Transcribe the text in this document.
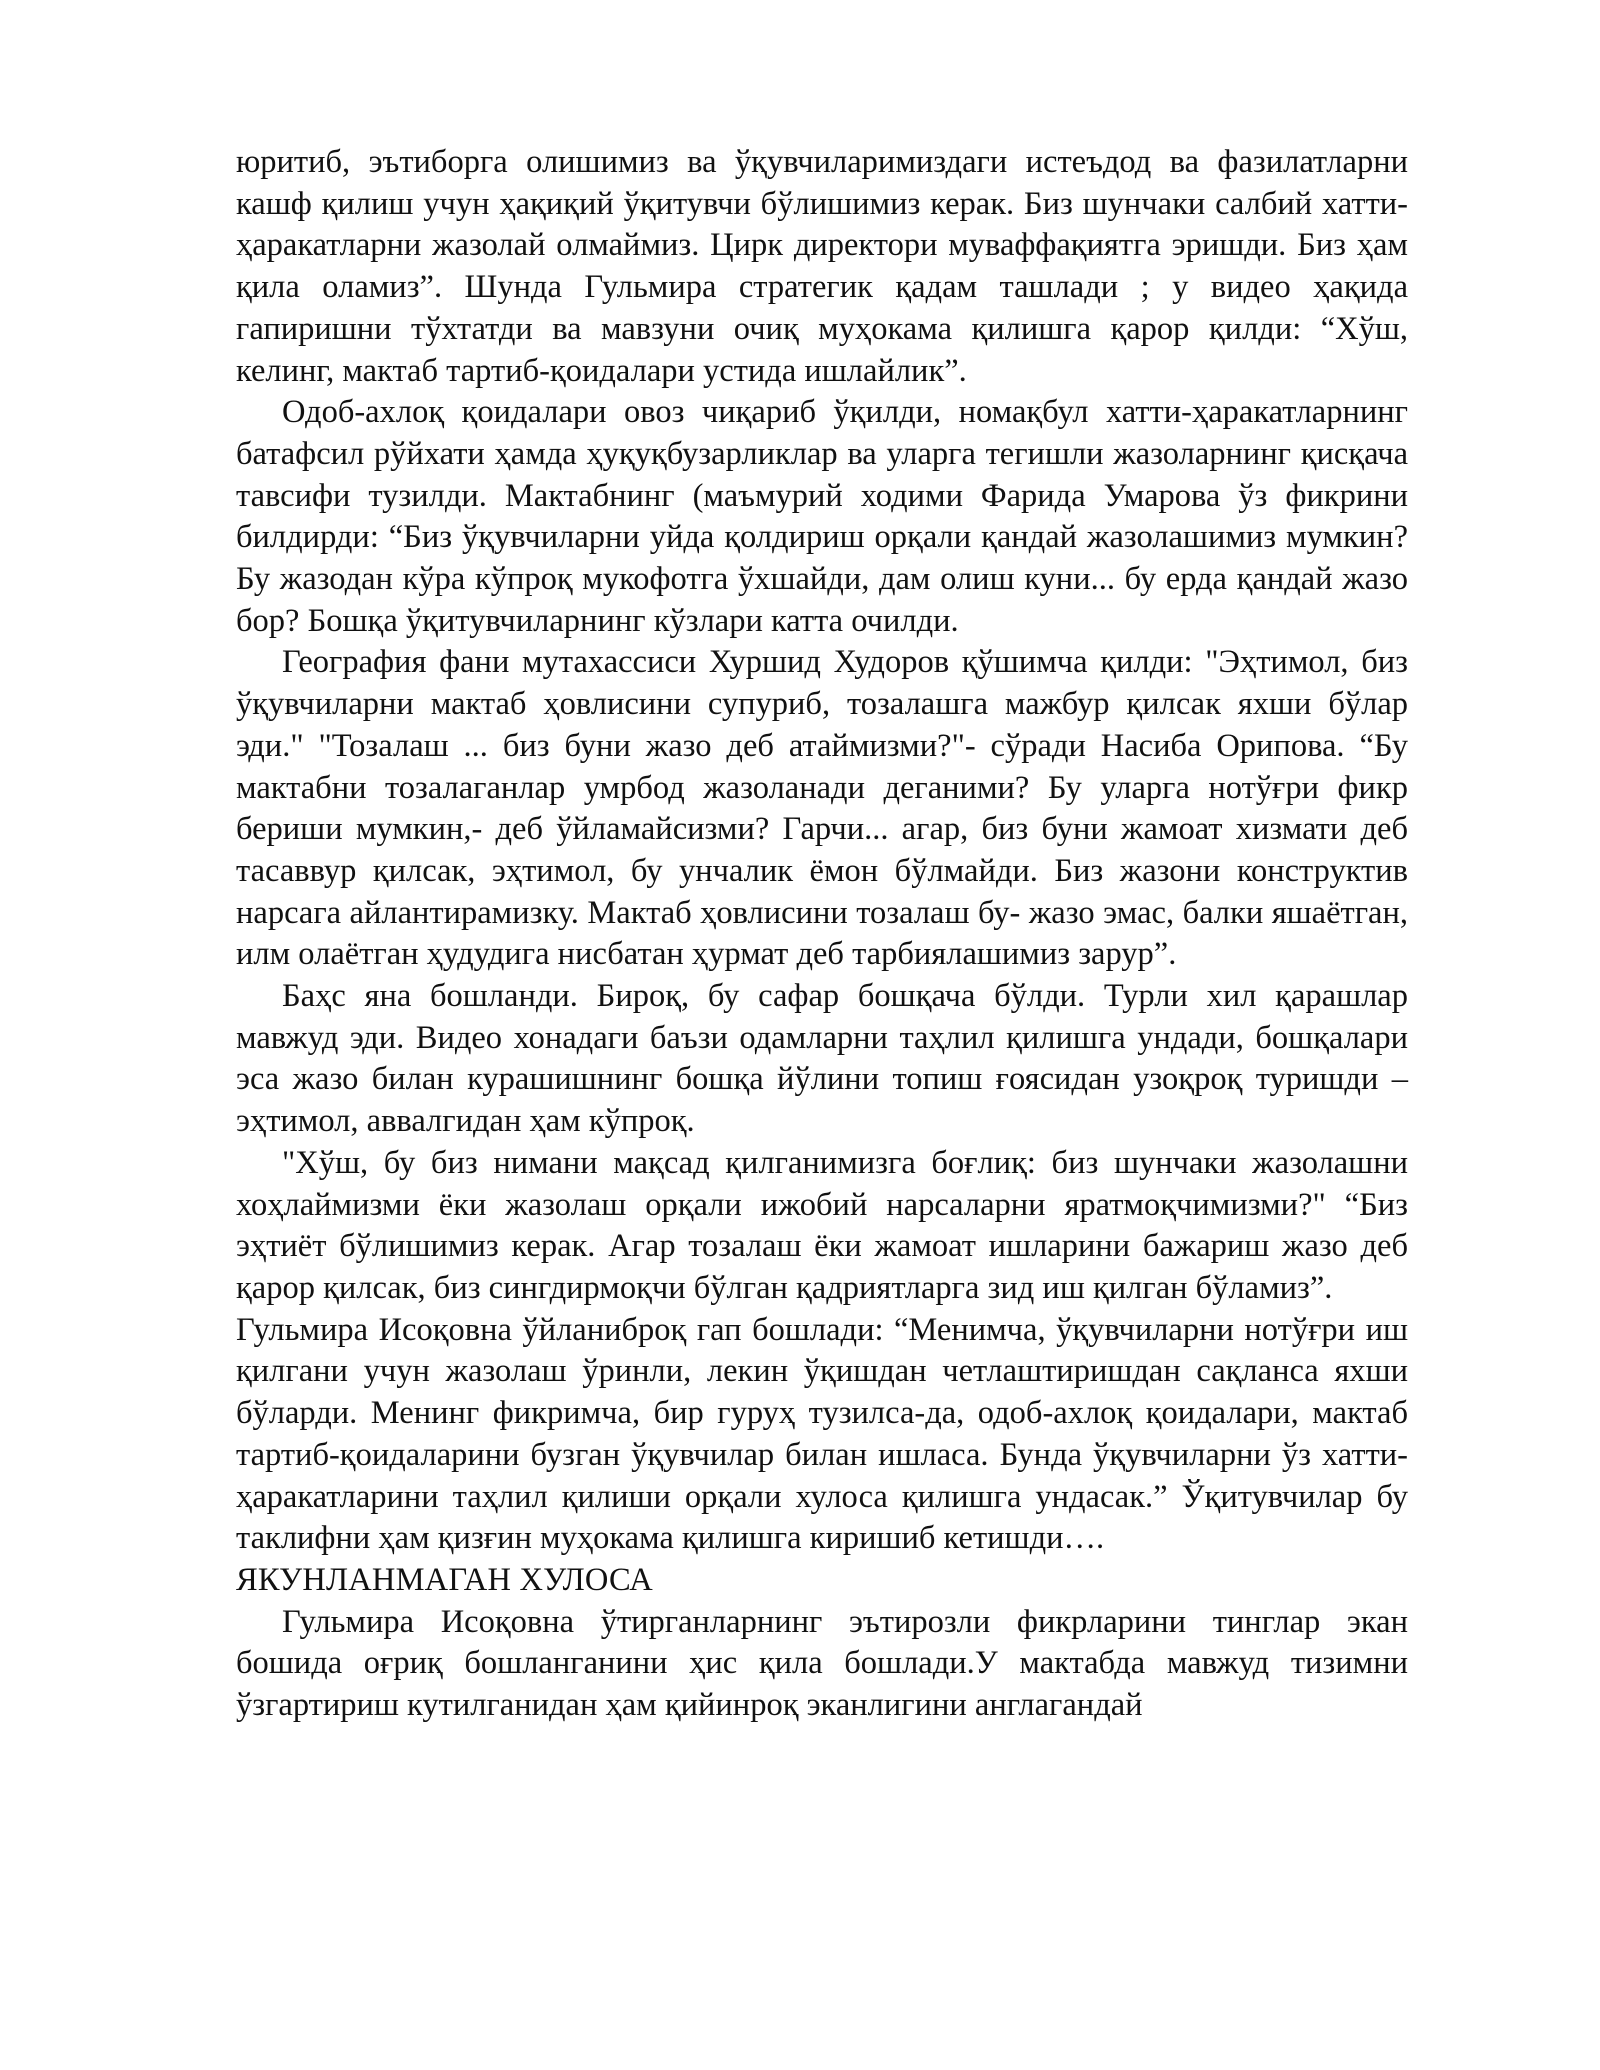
юритиб, эътиборга олишимиз ва ўқувчиларимиздаги истеъдод ва фазилатларни кашф қилиш учун ҳақиқий ўқитувчи бўлишимиз керак. Биз шунчаки салбий хатти-ҳаракатларни жазолай олмаймиз. Цирк директори муваффақиятга эришди. Биз ҳам қила оламиз”. Шунда Гульмира стратегик қадам ташлади ; у видео ҳақида гапиришни тўхтатди ва мавзуни очиқ муҳокама қилишга қарор қилди: “Хўш, келинг, мактаб тартиб-қоидалари устида ишлайлик”.

Одоб-ахлоқ қоидалари овоз чиқариб ўқилди, номақбул хатти-ҳаракатларнинг батафсил рўйхати ҳамда ҳуқуқбузарликлар ва уларга тегишли жазоларнинг қисқача тавсифи тузилди. Мактабнинг (маъмурий ходими Фарида Умарова ўз фикрини билдирди: “Биз ўқувчиларни уйда қолдириш орқали қандай жазолашимиз мумкин? Бу жазодан кўра кўпроқ мукофотга ўхшайди, дам олиш куни... бу ерда қандай жазо бор? Бошқа ўқитувчиларнинг кўзлари катта очилди.

География фани мутахассиси Хуршид Худоров қўшимча қилди: "Эҳтимол, биз ўқувчиларни мактаб ҳовлисини супуриб, тозалашга мажбур қилсак яхши бўлар эди." "Тозалаш ... биз буни жазо деб атаймизми?"- сўради Насиба Орипова. “Бу мактабни тозалаганлар умрбод жазоланади деганими? Бу уларга нотўғри фикр бериши мумкин,- деб ўйламайсизми? Гарчи... агар, биз буни жамоат хизмати деб тасаввур қилсак, эҳтимол, бу унчалик ёмон бўлмайди. Биз жазони конструктив нарсага айлантирамизку. Мактаб ҳовлисини тозалаш бу- жазо эмас, балки яшаётган, илм олаётган ҳудудига нисбатан ҳурмат деб тарбиялашимиз зарур”.

Баҳс яна бошланди. Бироқ, бу сафар бошқача бўлди. Турли хил қарашлар мавжуд эди. Видео хонадаги баъзи одамларни таҳлил қилишга ундади, бошқалари эса жазо билан курашишнинг бошқа йўлини топиш ғоясидан узоқроқ туришди – эҳтимол, аввалгидан ҳам кўпроқ.

"Хўш, бу биз нимани мақсад қилганимизга боғлиқ: биз шунчаки жазолашни хоҳлаймизми ёки жазолаш орқали ижобий нарсаларни яратмоқчимизми?" “Биз эҳтиёт бўлишимиз керак. Агар тозалаш ёки жамоат ишларини бажариш жазо деб қарор қилсак, биз сингдирмоқчи бўлган қадриятларга зид иш қилган бўламиз”.

Гульмира Исоқовна ўйланиброқ гап бошлади: “Менимча, ўқувчиларни нотўғри иш қилгани учун жазолаш ўринли, лекин ўқишдан четлаштиришдан сақланса яхши бўларди. Менинг фикримча, бир гуруҳ тузилса-да, одоб-ахлоқ қоидалари, мактаб тартиб-қоидаларини бузган ўқувчилар билан ишласа. Бунда ўқувчиларни ўз хатти-ҳаракатларини таҳлил қилиши орқали хулоса қилишга ундасак.” Ўқитувчилар бу таклифни ҳам қизғин муҳокама қилишга киришиб кетишди….

ЯКУНЛАНМАГАН ХУЛОСА

Гульмира Исоқовна ўтирганларнинг эътирозли фикрларини тинглар экан бошида оғриқ бошланганини ҳис қила бошлади.У мактабда мавжуд тизимни ўзгартириш кутилганидан ҳам қийинроқ эканлигини англагандай
